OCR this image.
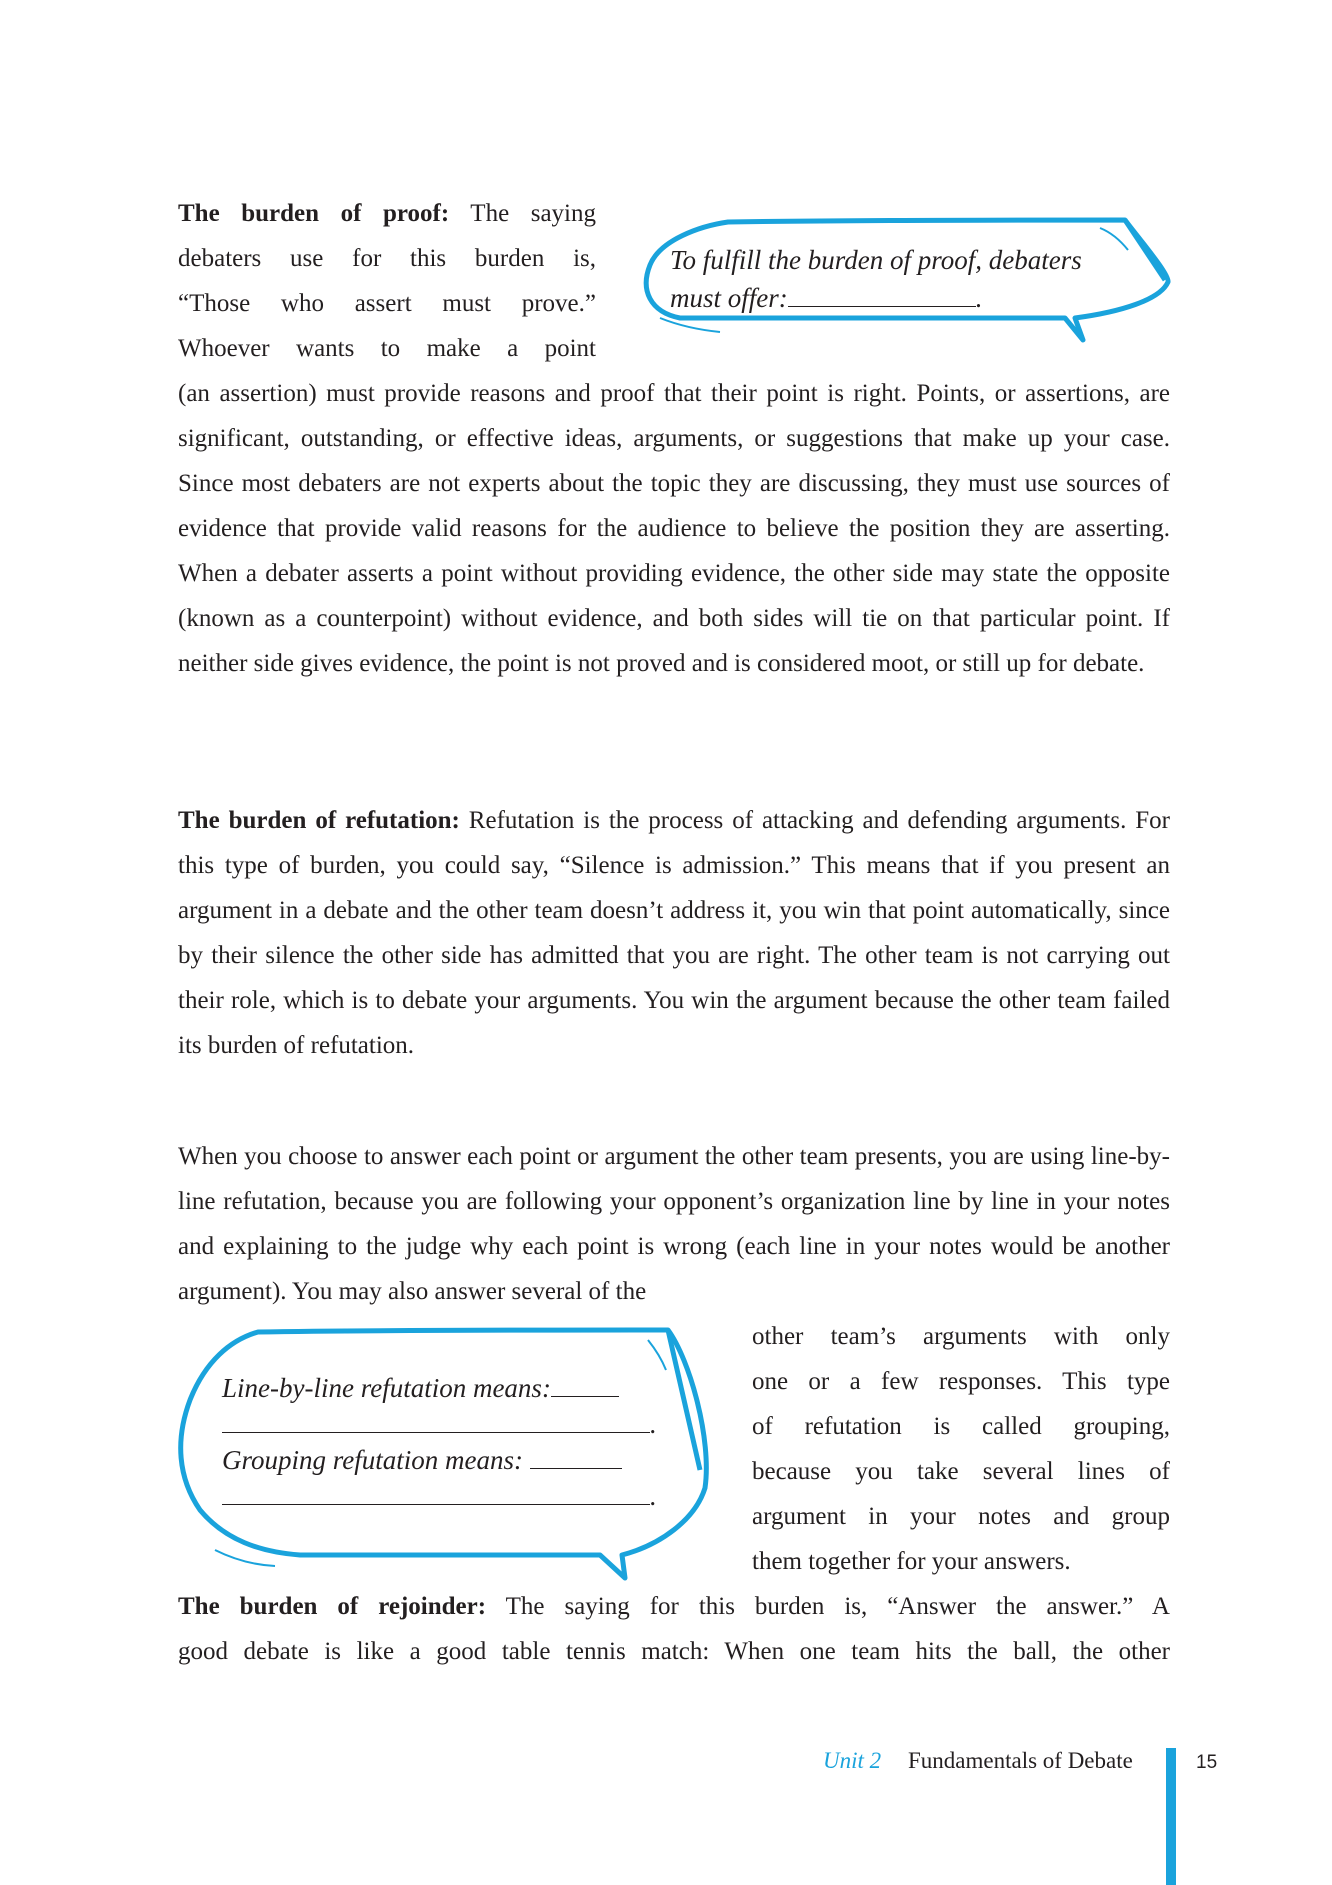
To fulfill the burden of proof, debaters
must offer:	.
The burden of proof: The saying
debaters use for this burden is,
“Those who assert must prove.”
Whoever wants to make a point

(an assertion) must provide reasons and proof that their point is right. Points, or assertions, are significant, outstanding, or effective ideas, arguments, or suggestions that make up your case. Since most debaters are not experts about the topic they are discussing, they must use sources of evidence that provide valid reasons for the audience to believe the position they are asserting. When a debater asserts a point without providing evidence, the other side may state the opposite (known as a counterpoint) without evidence, and both sides will tie on that particular point. If neither side gives evidence, the point is not proved and is considered moot, or still up for debate.

The burden of refutation: Refutation is the process of attacking and defending arguments. For this type of burden, you could say, “Silence is admission.” This means that if you present an argument in a debate and the other team doesn’t address it, you win that point automatically, since by their silence the other side has admitted that you are right. The other team is not carrying out their role, which is to debate your arguments. You win the argument because the other team failed its burden of refutation.

When you choose to answer each point or argument the other team presents, you are using line-by-line refutation, because you are following your opponent’s organization line by line in your notes and explaining to the judge why each point is wrong (each line in your notes would be another argument). You may also answer several of the

other team’s arguments with only
one or a few responses. This type
of refutation is called grouping,
because you take several lines of
argument in your notes and group
them together for your answers.
Line-by-line refutation means:
.
Grouping refutation means:
.
The burden of rejoinder: The saying for this burden is, “Answer the answer.” A
good debate is like a good table tennis match: When one team hits the ball, the other
Unit 2 Fundamentals of Debate	15
